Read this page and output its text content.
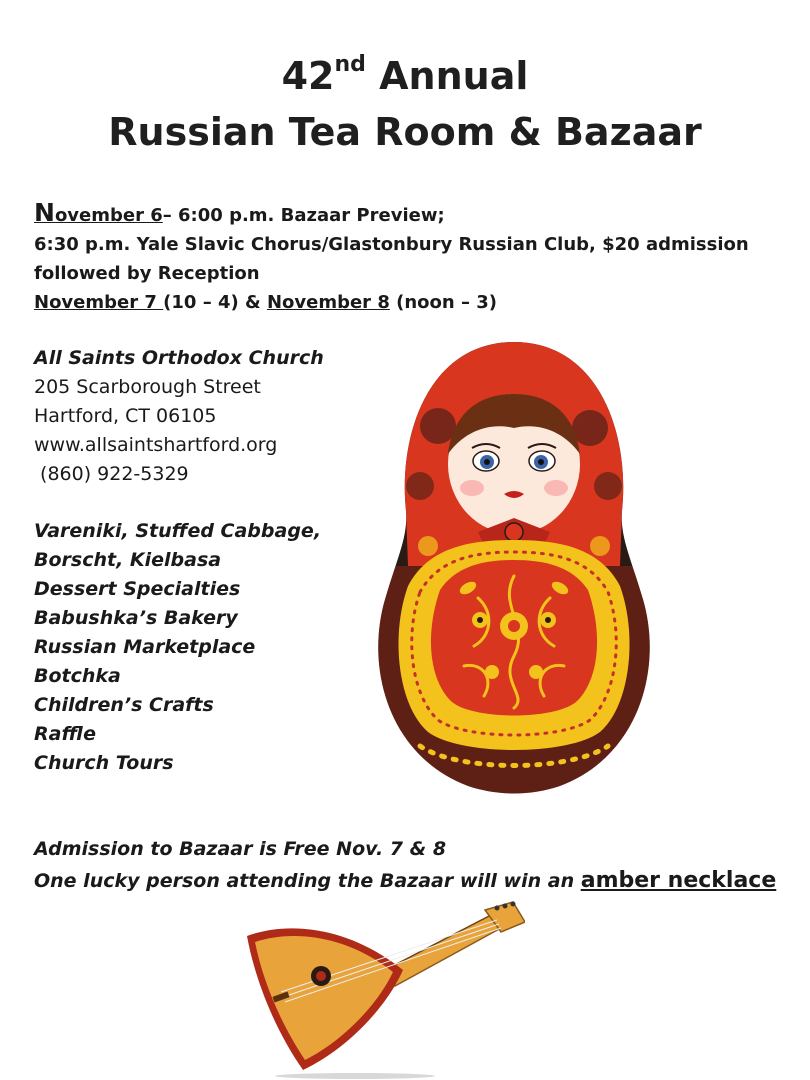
42nd Annual
Russian Tea Room & Bazaar
November 6– 6:00 p.m. Bazaar Preview;
6:30 p.m. Yale Slavic Chorus/Glastonbury Russian Club, $20 admission
followed by Reception
November 7 (10 – 4) & November 8 (noon – 3)
All Saints Orthodox Church
205 Scarborough Street
Hartford, CT 06105
www.allsaintshartford.org
(860) 922-5329
Vareniki, Stuffed Cabbage,
Borscht, Kielbasa
Dessert Specialties
Babushka’s Bakery
Russian Marketplace
Botchka
Children’s Crafts
Raffle
Church Tours
Admission to Bazaar is Free Nov. 7 & 8
One lucky person attending the Bazaar will win an amber necklace
